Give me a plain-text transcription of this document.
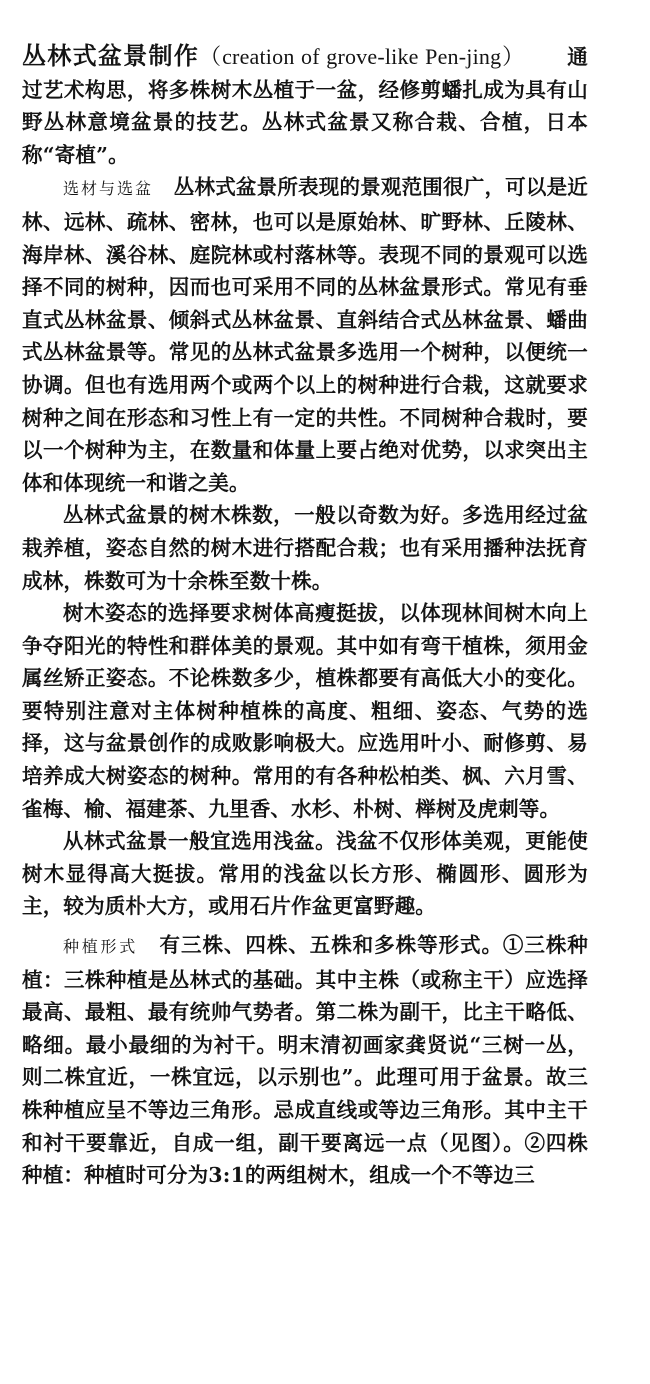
丛林式盆景制作（creation of grove-like Pen-jing）   通过艺术构思，将多株树木丛植于一盆，经修剪蟠扎成为具有山野丛林意境盆景的技艺。丛林式盆景又称合栽、合植，日本称“寄植”。

选材与选盆  丛林式盆景所表现的景观范围很广，可以是近林、远林、疏林、密林，也可以是原始林、旷野林、丘陵林、海岸林、溪谷林、庭院林或村落林等。表现不同的景观可以选择不同的树种，因而也可采用不同的丛林盆景形式。常见有垂直式丛林盆景、倾斜式丛林盆景、直斜结合式丛林盆景、蟠曲式丛林盆景等。常见的丛林式盆景多选用一个树种，以便统一协调。但也有选用两个或两个以上的树种进行合栽，这就要求树种之间在形态和习性上有一定的共性。不同树种合栽时，要以一个树种为主，在数量和体量上要占绝对优势，以求突出主体和体现统一和谐之美。

丛林式盆景的树木株数，一般以奇数为好。多选用经过盆栽养植，姿态自然的树木进行搭配合栽；也有采用播种法抚育成林，株数可为十余株至数十株。

树木姿态的选择要求树体高瘦挺拔，以体现林间树木向上争夺阳光的特性和群体美的景观。其中如有弯干植株，须用金属丝矫正姿态。不论株数多少，植株都要有高低大小的变化。要特别注意对主体树种植株的高度、粗细、姿态、气势的选择，这与盆景创作的成败影响极大。应选用叶小、耐修剪、易培养成大树姿态的树种。常用的有各种松柏类、枫、六月雪、雀梅、榆、福建茶、九里香、水杉、朴树、榉树及虎刺等。

从林式盆景一般宜选用浅盆。浅盆不仅形体美观，更能使树木显得高大挺拔。常用的浅盆以长方形、椭圆形、圆形为主，较为质朴大方，或用石片作盆更富野趣。

种植形式  有三株、四株、五株和多株等形式。①三株种植：三株种植是丛林式的基础。其中主株（或称主干）应选择最高、最粗、最有统帅气势者。第二株为副干，比主干略低、略细。最小最细的为衬干。明末清初画家龚贤说“三树一丛，则二株宜近，一株宜远，以示别也”。此理可用于盆景。故三株种植应呈不等边三角形。忌成直线或等边三角形。其中主干和衬干要靠近，自成一组，副干要离远一点（见图）。②四株种植：种植时可分为3:1的两组树木，组成一个不等边三
